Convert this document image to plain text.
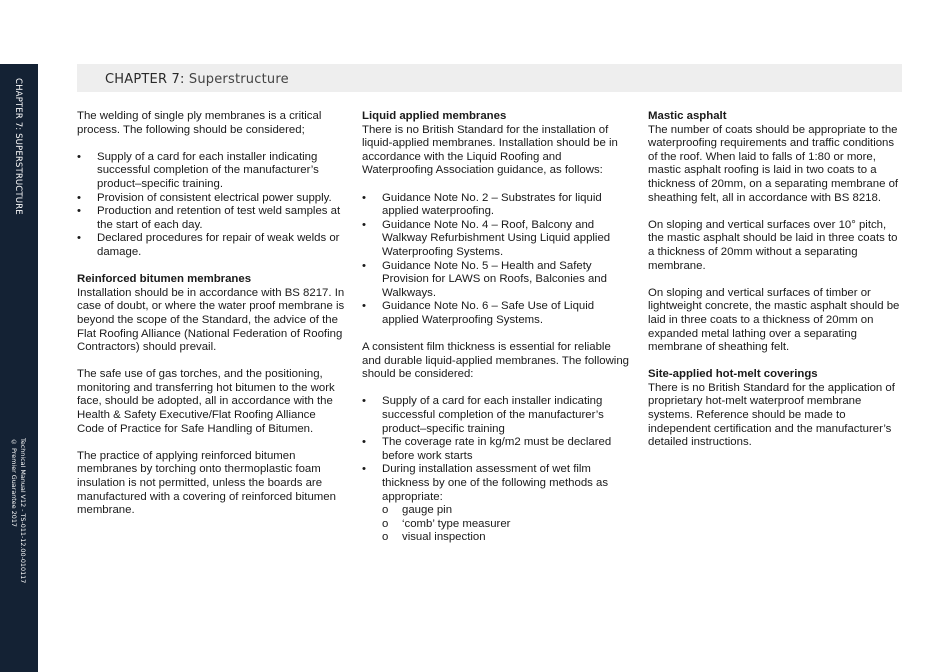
CHAPTER 7: SUPERSTRUCTURE
Technical Manual V12 - TS-011-12.00-010117
© Premier Guarantee 2017
CHAPTER 7: Superstructure

The welding of single ply membranes is a critical process. The following should be considered;

• Supply of a card for each installer indicating successful completion of the manufacturer’s product–specific training.
• Provision of consistent electrical power supply.
• Production and retention of test weld samples at the start of each day.
• Declared procedures for repair of weak welds or damage.
Reinforced bitumen membranes

Installation should be in accordance with BS 8217. In case of doubt, or where the water proof membrane is beyond the scope of the Standard, the advice of the Flat Roofing Alliance (National Federation of Roofing Contractors) should prevail.

The safe use of gas torches, and the positioning, monitoring and transferring hot bitumen to the work face, should be adopted, all in accordance with the Health & Safety Executive/Flat Roofing Alliance Code of Practice for Safe Handling of Bitumen.

The practice of applying reinforced bitumen membranes by torching onto thermoplastic foam insulation is not permitted, unless the boards are manufactured with a covering of reinforced bitumen membrane.

Liquid applied membranes

There is no British Standard for the installation of liquid-applied membranes. Installation should be in accordance with the Liquid Roofing and Waterproofing Association guidance, as follows:

• Guidance Note No. 2 – Substrates for liquid applied waterproofing.
• Guidance Note No. 4 – Roof, Balcony and Walkway Refurbishment Using Liquid applied Waterproofing Systems.
• Guidance Note No. 5 – Health and Safety Provision for LAWS on Roofs, Balconies and Walkways.
• Guidance Note No. 6 – Safe Use of Liquid applied Waterproofing Systems.

A consistent film thickness is essential for reliable and durable liquid-applied membranes. The following should be considered:

• Supply of a card for each installer indicating successful completion of the manufacturer’s product–specific training
• The coverage rate in kg/m2 must be declared before work starts
• During installation assessment of wet film thickness by one of the following methods as appropriate:
o gauge pin
o ‘comb’ type measurer
o visual inspection
Mastic asphalt

The number of coats should be appropriate to the waterproofing requirements and traffic conditions of the roof. When laid to falls of 1:80 or more, mastic asphalt roofing is laid in two coats to a thickness of 20mm, on a separating membrane of sheathing felt, all in accordance with BS 8218.

On sloping and vertical surfaces over 10° pitch, the mastic asphalt should be laid in three coats to a thickness of 20mm without a separating membrane.

On sloping and vertical surfaces of timber or lightweight concrete, the mastic asphalt should be laid in three coats to a thickness of 20mm on expanded metal lathing over a separating membrane of sheathing felt.

Site-applied hot-melt coverings

There is no British Standard for the application of proprietary hot-melt waterproof membrane systems. Reference should be made to independent certification and the manufacturer’s detailed instructions.
